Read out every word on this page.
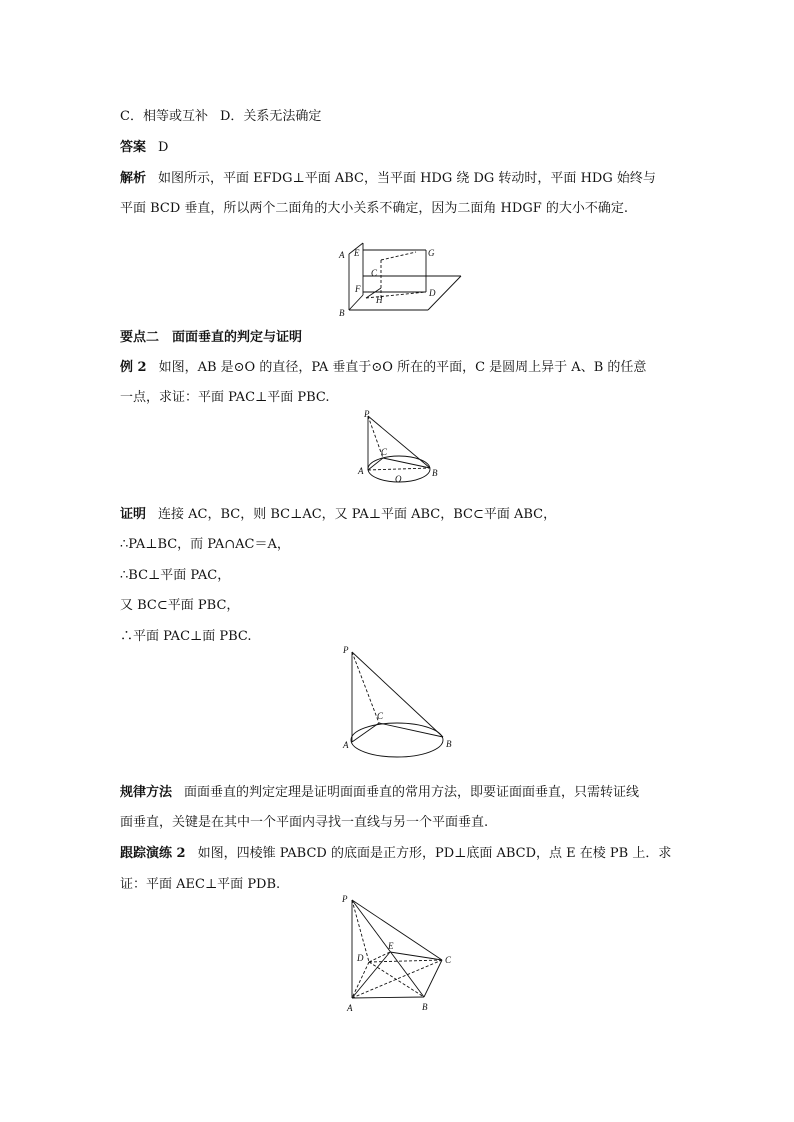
C．相等或互补 D．关系无法确定
答案 D
解析 如图所示，平面 EFDG⊥平面 ABC，当平面 HDG 绕 DG 转动时，平面 HDG 始终与
平面 BCD 垂直，所以两个二面角的大小关系不确定，因为二面角 HDGF 的大小不确定.
A
B
C
D
E
F
G
H
要点二　面面垂直的判定与证明
例 2 如图，AB 是⊙O 的直径，PA 垂直于⊙O 所在的平面，C 是圆周上异于 A、B 的任意
一点，求证：平面 PAC⊥平面 PBC.
P
C
A	B
O
证明 连接 AC，BC，则 BC⊥AC，又 PA⊥平面 ABC，BC⊂平面 ABC，
∴PA⊥BC，而 PA∩AC＝A，
∴BC⊥平面 PAC，
又 BC⊂平面 PBC，
∴平面 PAC⊥面 PBC.
P
C
A	B
规律方法 面面垂直的判定定理是证明面面垂直的常用方法，即要证面面垂直，只需转证线
面垂直，关键是在其中一个平面内寻找一直线与另一个平面垂直.
跟踪演练 2 如图，四棱锥 PABCD 的底面是正方形，PD⊥底面 ABCD，点 E 在棱 PB 上．求
证：平面 AEC⊥平面 PDB.
P
E
D	C
A	B
